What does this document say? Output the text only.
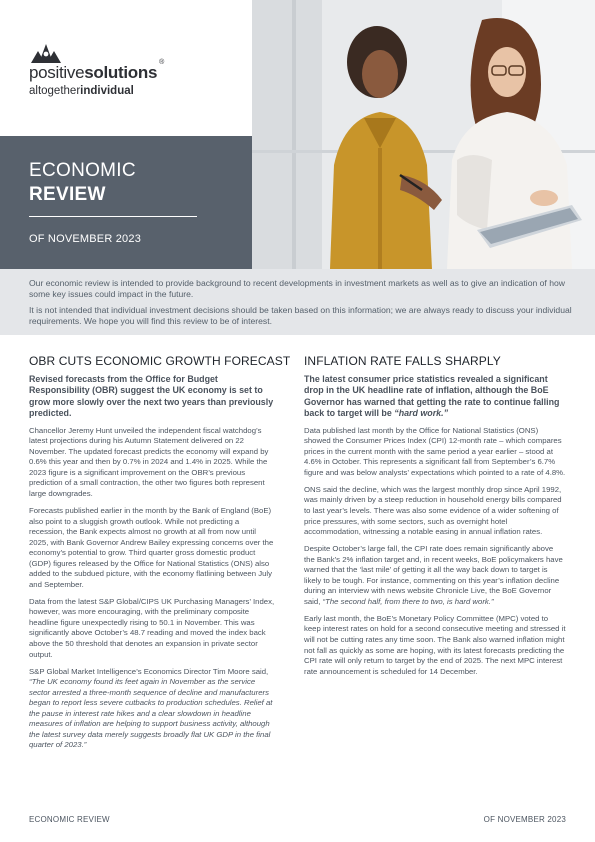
positivesolutions®
altogetherindividual
ECONOMIC
REVIEW
OF NOVEMBER 2023

Our economic review is intended to provide background to recent developments in investment markets as well as to give an indication of how some key issues could impact in the future.

It is not intended that individual investment decisions should be taken based on this information; we are always ready to discuss your individual requirements. We hope you will find this review to be of interest.

OBR CUTS ECONOMIC GROWTH FORECAST

Revised forecasts from the Office for Budget Responsibility (OBR) suggest the UK economy is set to grow more slowly over the next two years than previously predicted.

Chancellor Jeremy Hunt unveiled the independent fiscal watchdog’s latest projections during his Autumn Statement delivered on 22 November. The updated forecast predicts the economy will expand by 0.6% this year and then by 0.7% in 2024 and 1.4% in 2025. While the 2023 figure is a significant improvement on the OBR’s previous prediction of a small contraction, the other two figures both represent large downgrades.

Forecasts published earlier in the month by the Bank of England (BoE) also point to a sluggish growth outlook. While not predicting a recession, the Bank expects almost no growth at all from now until 2025, with Bank Governor Andrew Bailey expressing concerns over the economy’s potential to grow. Third quarter gross domestic product (GDP) figures released by the Office for National Statistics (ONS) also added to the subdued picture, with the economy flatlining between July and September.

Data from the latest S&P Global/CIPS UK Purchasing Managers’ Index, however, was more encouraging, with the preliminary composite headline figure unexpectedly rising to 50.1 in November. This was significantly above October’s 48.7 reading and moved the index back above the 50 threshold that denotes an expansion in private sector output.

S&P Global Market Intelligence’s Economics Director Tim Moore said, “The UK economy found its feet again in November as the service sector arrested a three-month sequence of decline and manufacturers began to report less severe cutbacks to production schedules. Relief at the pause in interest rate hikes and a clear slowdown in headline measures of inflation are helping to support business activity, although the latest survey data merely suggests broadly flat UK GDP in the final quarter of 2023.”

INFLATION RATE FALLS SHARPLY

The latest consumer price statistics revealed a significant drop in the UK headline rate of inflation, although the BoE Governor has warned that getting the rate to continue falling back to target will be “hard work.”

Data published last month by the Office for National Statistics (ONS) showed the Consumer Prices Index (CPI) 12-month rate – which compares prices in the current month with the same period a year earlier – stood at 4.6% in October. This represents a significant fall from September’s 6.7% figure and was below analysts’ expectations which pointed to a rate of 4.8%.

ONS said the decline, which was the largest monthly drop since April 1992, was mainly driven by a steep reduction in household energy bills compared to last year’s levels. There was also some evidence of a wider softening of price pressures, with some sectors, such as overnight hotel accommodation, witnessing a notable easing in annual inflation rates.

Despite October’s large fall, the CPI rate does remain significantly above the Bank’s 2% inflation target and, in recent weeks, BoE policymakers have warned that the ‘last mile’ of getting it all the way back down to target is likely to be tough. For instance, commenting on this year’s inflation decline during an interview with news website Chronicle Live, the BoE Governor said, “The second half, from there to two, is hard work.”

Early last month, the BoE’s Monetary Policy Committee (MPC) voted to keep interest rates on hold for a second consecutive meeting and stressed it will not be cutting rates any time soon. The Bank also warned inflation might not fall as quickly as some are hoping, with its latest forecasts predicting the CPI rate will only return to target by the end of 2025. The next MPC interest rate announcement is scheduled for 14 December.

ECONOMIC REVIEW	OF NOVEMBER 2023
